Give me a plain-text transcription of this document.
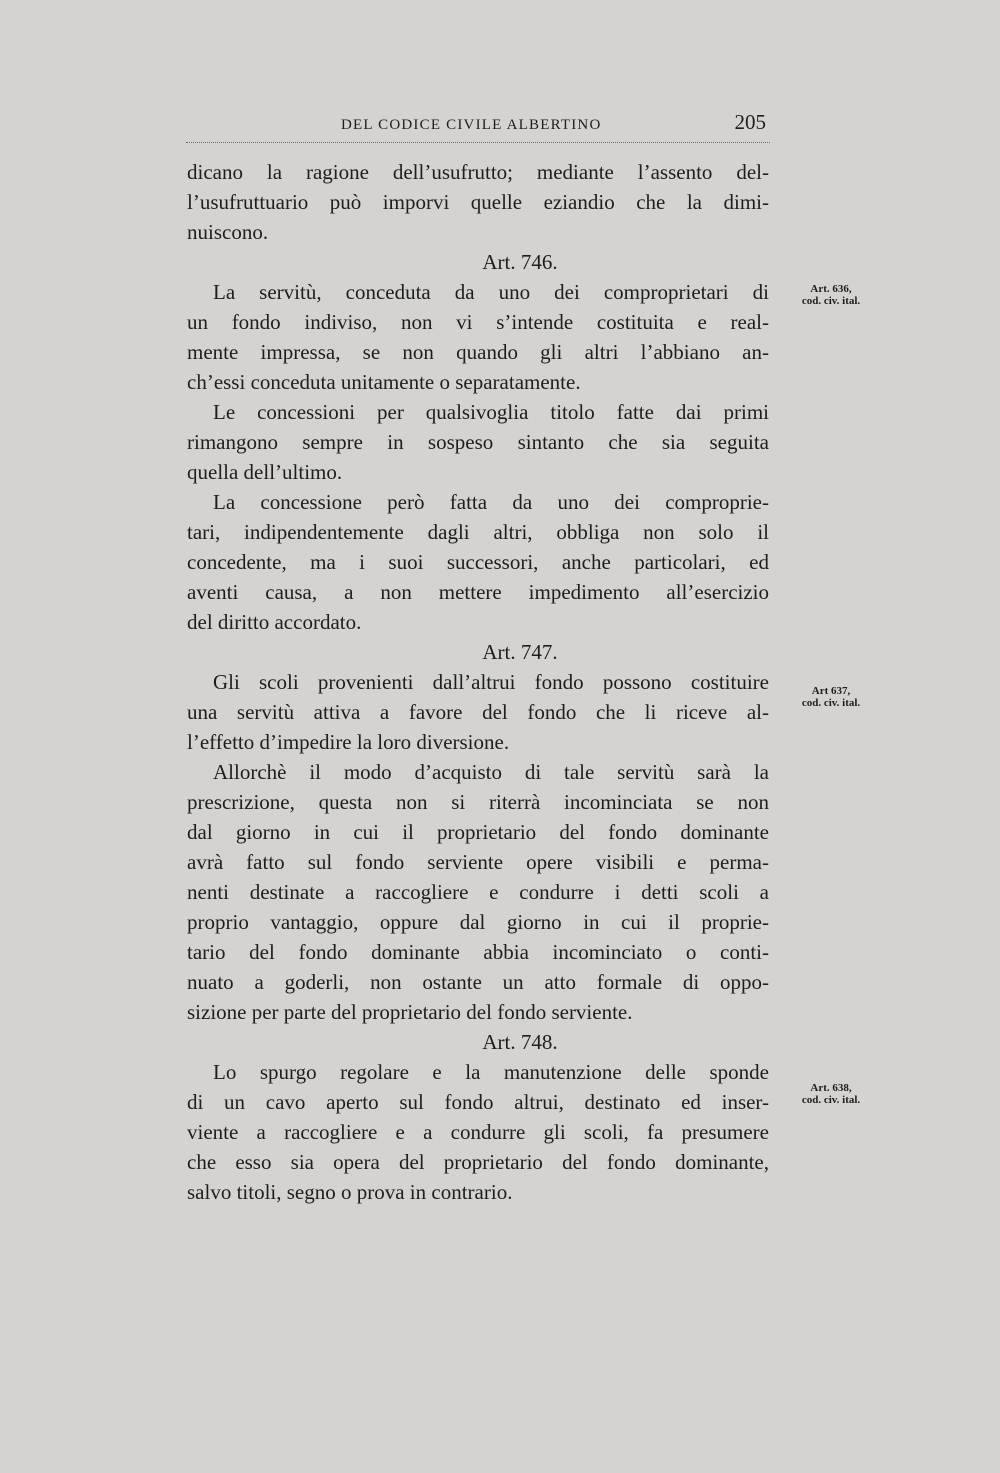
DEL CODICE CIVILE ALBERTINO	205
dicano la ragione dell’usufrutto; mediante l’assento del-
l’usufruttuario può imporvi quelle eziandio che la dimi-
nuiscono.
Art. 746.
La servitù, conceduta da uno dei comproprietari di
un fondo indiviso, non vi s’intende costituita e real-
mente impressa, se non quando gli altri l’abbiano an-
ch’essi conceduta unitamente o separatamente.
Le concessioni per qualsivoglia titolo fatte dai primi
rimangono sempre in sospeso sintanto che sia seguita
quella dell’ultimo.
La concessione però fatta da uno dei comproprie-
tari, indipendentemente dagli altri, obbliga non solo il
concedente, ma i suoi successori, anche particolari, ed
aventi causa, a non mettere impedimento all’esercizio
del diritto accordato.
Art. 747.
Gli scoli provenienti dall’altrui fondo possono costituire
una servitù attiva a favore del fondo che li riceve al-
l’effetto d’impedire la loro diversione.
Allorchè il modo d’acquisto di tale servitù sarà la
prescrizione, questa non si riterrà incominciata se non
dal giorno in cui il proprietario del fondo dominante
avrà fatto sul fondo serviente opere visibili e perma-
nenti destinate a raccogliere e condurre i detti scoli a
proprio vantaggio, oppure dal giorno in cui il proprie-
tario del fondo dominante abbia incominciato o conti-
nuato a goderli, non ostante un atto formale di oppo-
sizione per parte del proprietario del fondo serviente.
Art. 748.
Lo spurgo regolare e la manutenzione delle sponde
di un cavo aperto sul fondo altrui, destinato ed inser-
viente a raccogliere e a condurre gli scoli, fa presumere
che esso sia opera del proprietario del fondo dominante,
salvo titoli, segno o prova in contrario.
Art. 636,
cod. civ. ital.
Art 637,
cod. civ. ital.
Art. 638,
cod. civ. ital.
